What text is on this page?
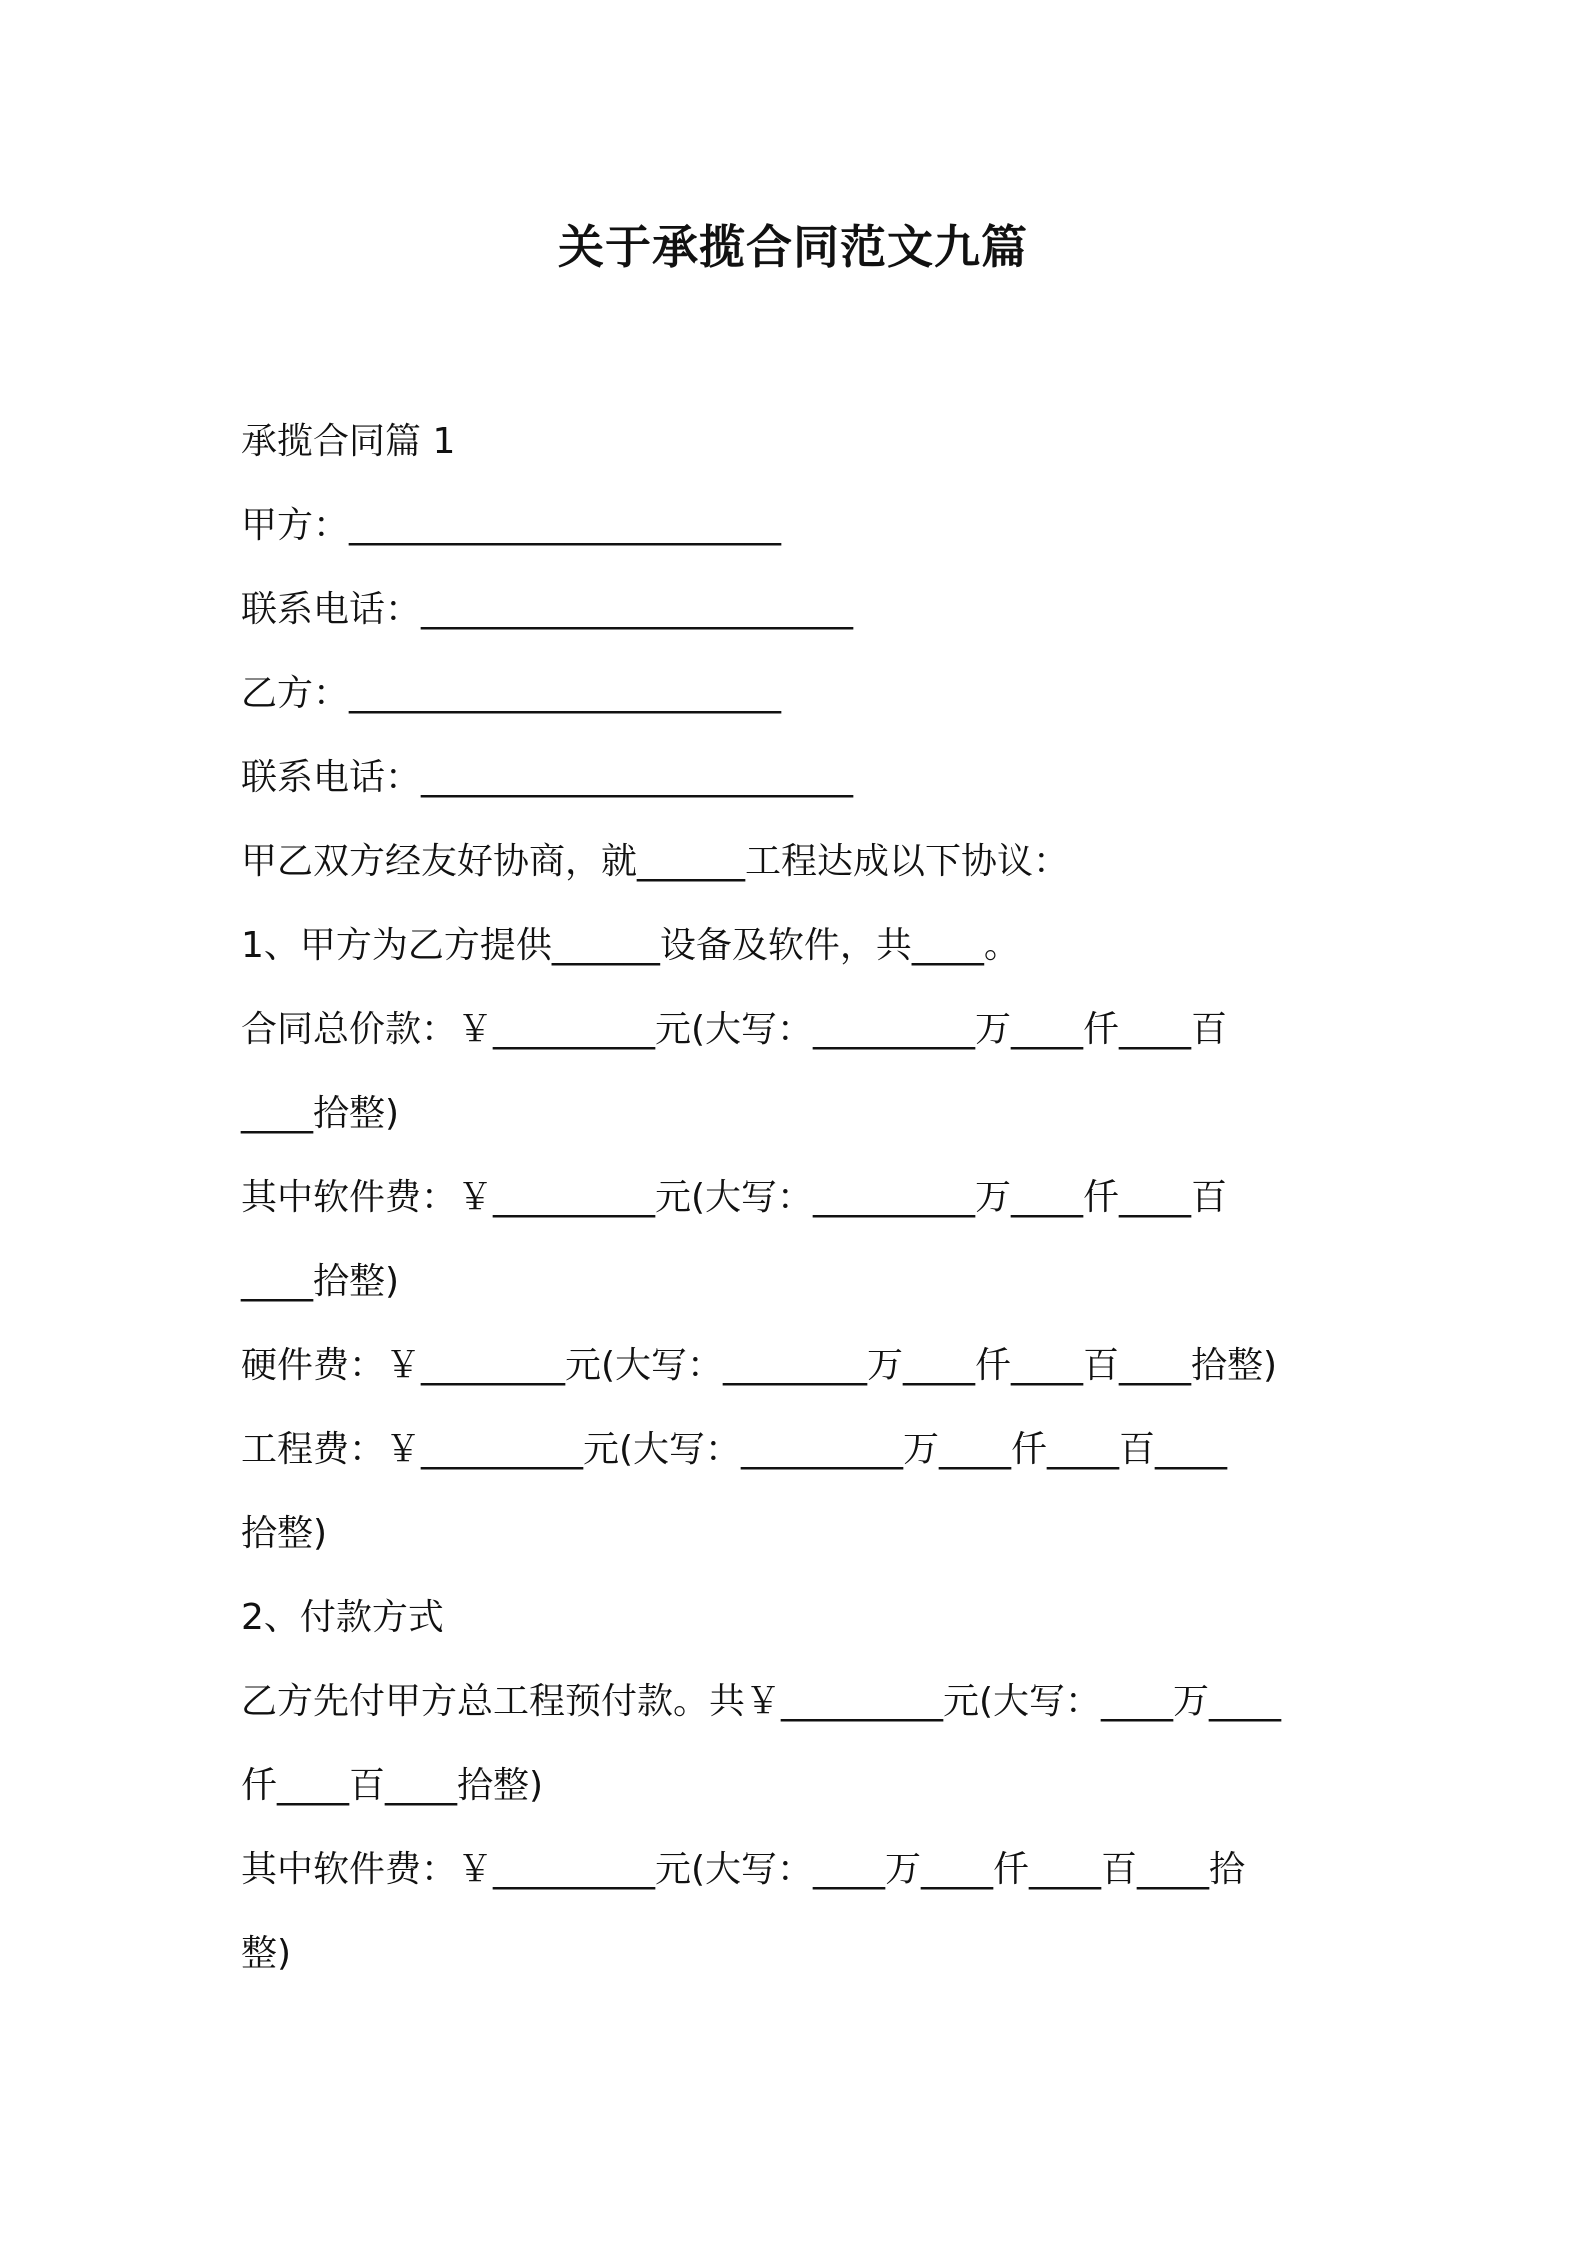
关于承揽合同范文九篇

承揽合同篇 1

甲方：________________________

联系电话：________________________

乙方：________________________

联系电话：________________________

甲乙双方经友好协商，就______工程达成以下协议：

1、甲方为乙方提供______设备及软件，共____。

合同总价款：￥_________元(大写：_________万____仟____百

____拾整)

其中软件费：￥_________元(大写：_________万____仟____百

____拾整)

硬件费：￥________元(大写：________万____仟____百____拾整)

工程费：￥_________元(大写：_________万____仟____百____

拾整)

2、付款方式

乙方先付甲方总工程预付款。共￥_________元(大写：____万____

仟____百____拾整)

其中软件费：￥_________元(大写：____万____仟____百____拾

整)
